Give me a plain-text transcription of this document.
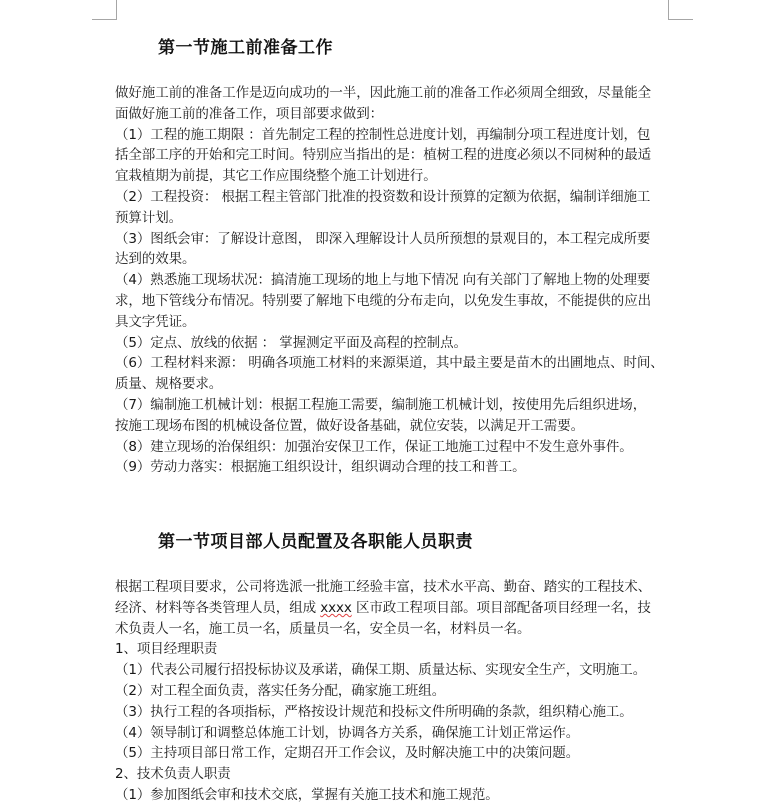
第一节施工前准备工作

做好施工前的准备工作是迈向成功的一半，因此施工前的准备工作必须周全细致，尽量能全

面做好施工前的准备工作，项目部要求做到：

（1）工程的施工期限 ：首先制定工程的控制性总进度计划，再编制分项工程进度计划，包

括全部工序的开始和完工时间。特别应当指出的是：植树工程的进度必须以不同树种的最适

宜栽植期为前提，其它工作应围绕整个施工计划进行。

（2）工程投资： 根据工程主管部门批准的投资数和设计预算的定额为依据，编制详细施工

预算计划。

（3）图纸会审：了解设计意图， 即深入理解设计人员所预想的景观目的，本工程完成所要

达到的效果。

（4）熟悉施工现场状况：搞清施工现场的地上与地下情况 向有关部门了解地上物的处理要

求，地下管线分布情况。特别要了解地下电缆的分布走向，以免发生事故，不能提供的应出

具文字凭证。

（5）定点、放线的依据 ： 掌握测定平面及高程的控制点。

（6）工程材料来源： 明确各项施工材料的来源渠道，其中最主要是苗木的出圃地点、时间、

质量、规格要求。

（7）编制施工机械计划：根据工程施工需要，编制施工机械计划，按使用先后组织进场，

按施工现场布图的机械设备位置，做好设备基础，就位安装，以满足开工需要。

（8）建立现场的治保组织：加强治安保卫工作，保证工地施工过程中不发生意外事件。

（9）劳动力落实：根据施工组织设计，组织调动合理的技工和普工。

第一节项目部人员配置及各职能人员职责

根据工程项目要求，公司将选派一批施工经验丰富，技术水平高、勤奋、踏实的工程技术、

经济、材料等各类管理人员，组成 xxxx 区市政工程项目部。项目部配备项目经理一名，技

术负责人一名，施工员一名，质量员一名，安全员一名，材料员一名。

1、项目经理职责

（1）代表公司履行招投标协议及承诺，确保工期、质量达标、实现安全生产，文明施工。

（2）对工程全面负责，落实任务分配，确家施工班组。

（3）执行工程的各项指标，严格按设计规范和投标文件所明确的条款，组织精心施工。

（4）领导制订和调整总体施工计划，协调各方关系，确保施工计划正常运作。

（5）主持项目部日常工作，定期召开工作会议，及时解决施工中的决策问题。

2、技术负责人职责

（1）参加图纸会审和技术交底，掌握有关施工技术和施工规范。
